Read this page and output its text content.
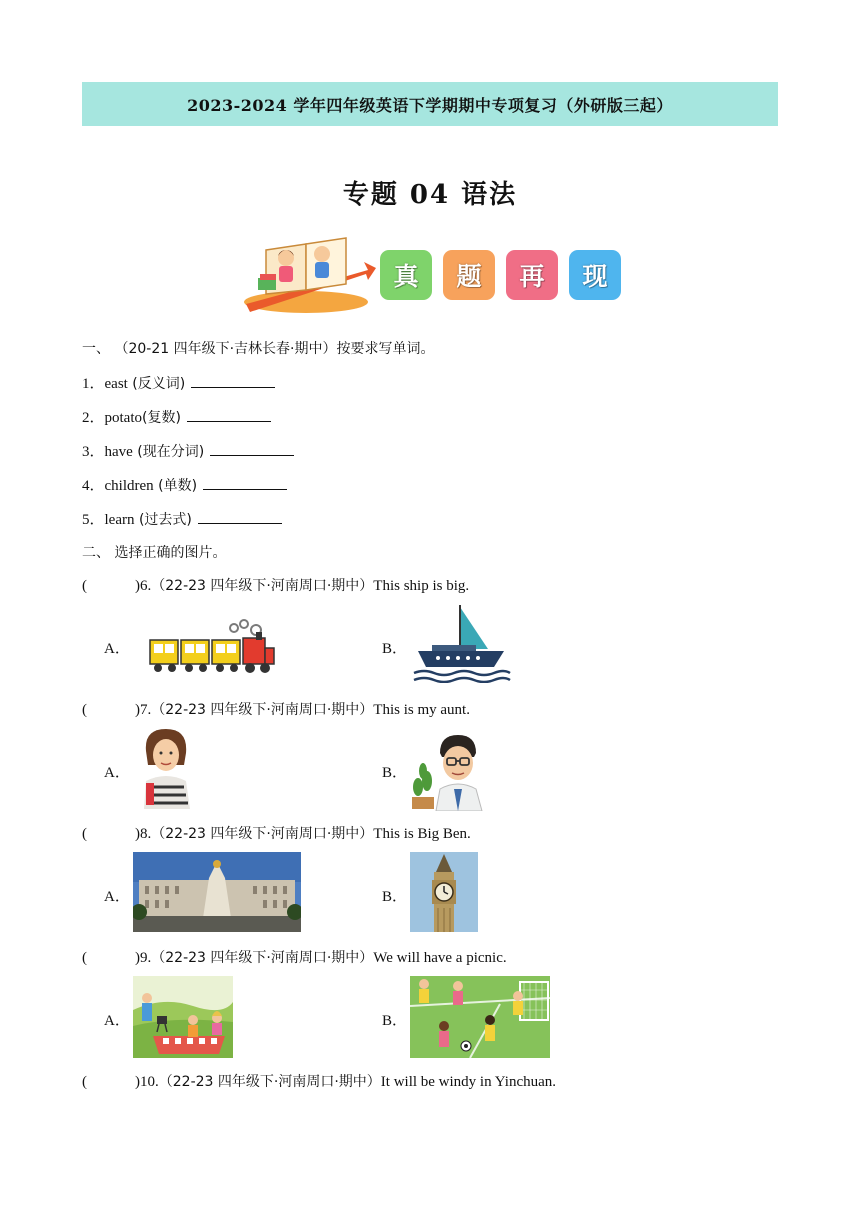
2023-2024 学年四年级英语下学期期中专项复习（外研版三起）
专题 04 语法
真 题 再 现
一、 （20-21 四年级下·吉林长春·期中）按要求写单词。
1．east (反义词)
2．potato(复数)
3．have (现在分词)
4．children (单数)
5．learn (过去式)
二、 选择正确的图片。
(	)6.（22-23 四年级下·河南周口·期中）This ship is big.
A．	B．
(	)7.（22-23 四年级下·河南周口·期中）This is my aunt.
A．	B．
(	)8.（22-23 四年级下·河南周口·期中）This is Big Ben.
A．	B．
(	)9.（22-23 四年级下·河南周口·期中）We will have a picnic.
A．	B．
(	)10.（22-23 四年级下·河南周口·期中）It will be windy in Yinchuan.
